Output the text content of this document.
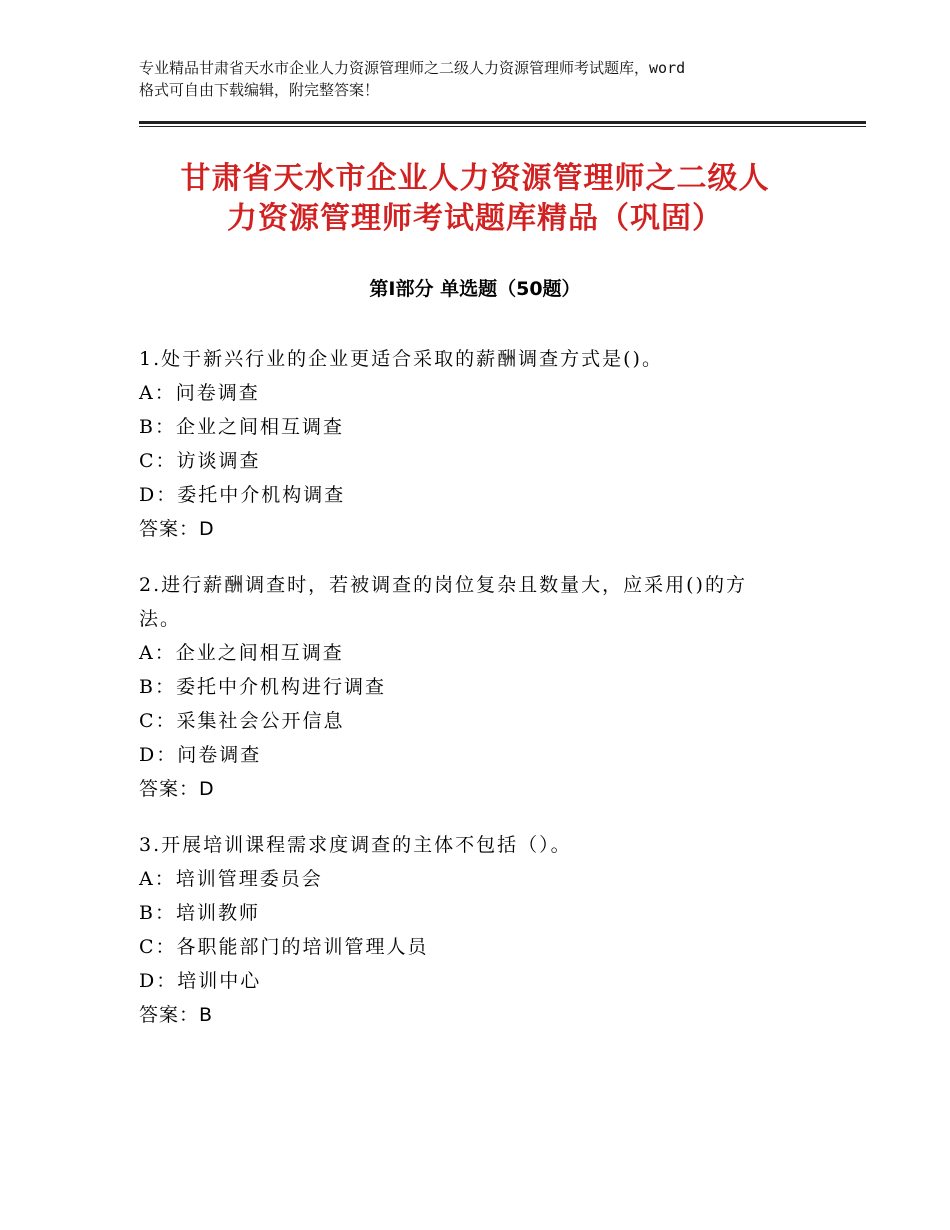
专业精品甘肃省天水市企业人力资源管理师之二级人力资源管理师考试题库，word
格式可自由下载编辑，附完整答案！
甘肃省天水市企业人力资源管理师之二级人
力资源管理师考试题库精品（巩固）
第Ⅰ部分 单选题（50题）
1.处于新兴行业的企业更适合采取的薪酬调查方式是()。
A：问卷调查
B：企业之间相互调查
C：访谈调查
D：委托中介机构调查
答案：D
2.进行薪酬调查时，若被调查的岗位复杂且数量大，应采用()的方
法。
A：企业之间相互调查
B：委托中介机构进行调查
C：采集社会公开信息
D：问卷调查
答案：D
3.开展培训课程需求度调查的主体不包括（）。
A：培训管理委员会
B：培训教师
C：各职能部门的培训管理人员
D：培训中心
答案：B
